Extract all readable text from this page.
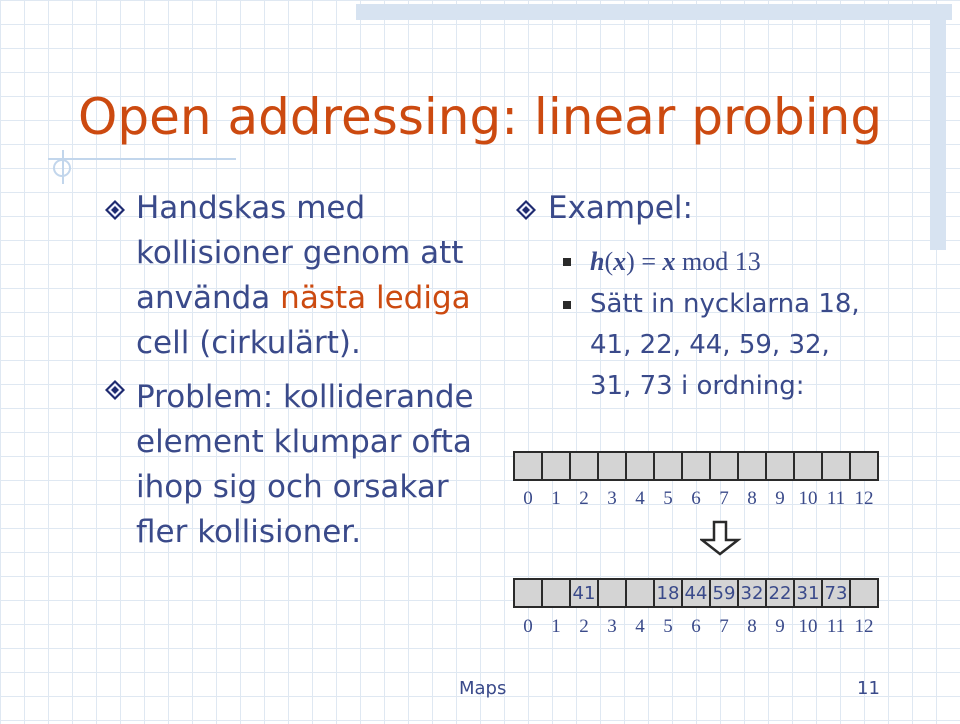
Open addressing: linear probing
Handskas med kollisioner genom att använda nästa lediga cell (cirkulärt).
Problem: kolliderande element klumpar ofta ihop sig och orsakar fler kollisioner.
Exampel:
h(x) = x mod 13
Sätt in nycklarna 18,
41, 22, 44, 59, 32,
31, 73 i ordning:
0 1 2 3 4 5 6 7 8 9 10 11 12
41	18 44 59 32 22 31 73
0 1 2 3 4 5 6 7 8 9 10 11 12
Maps	11
